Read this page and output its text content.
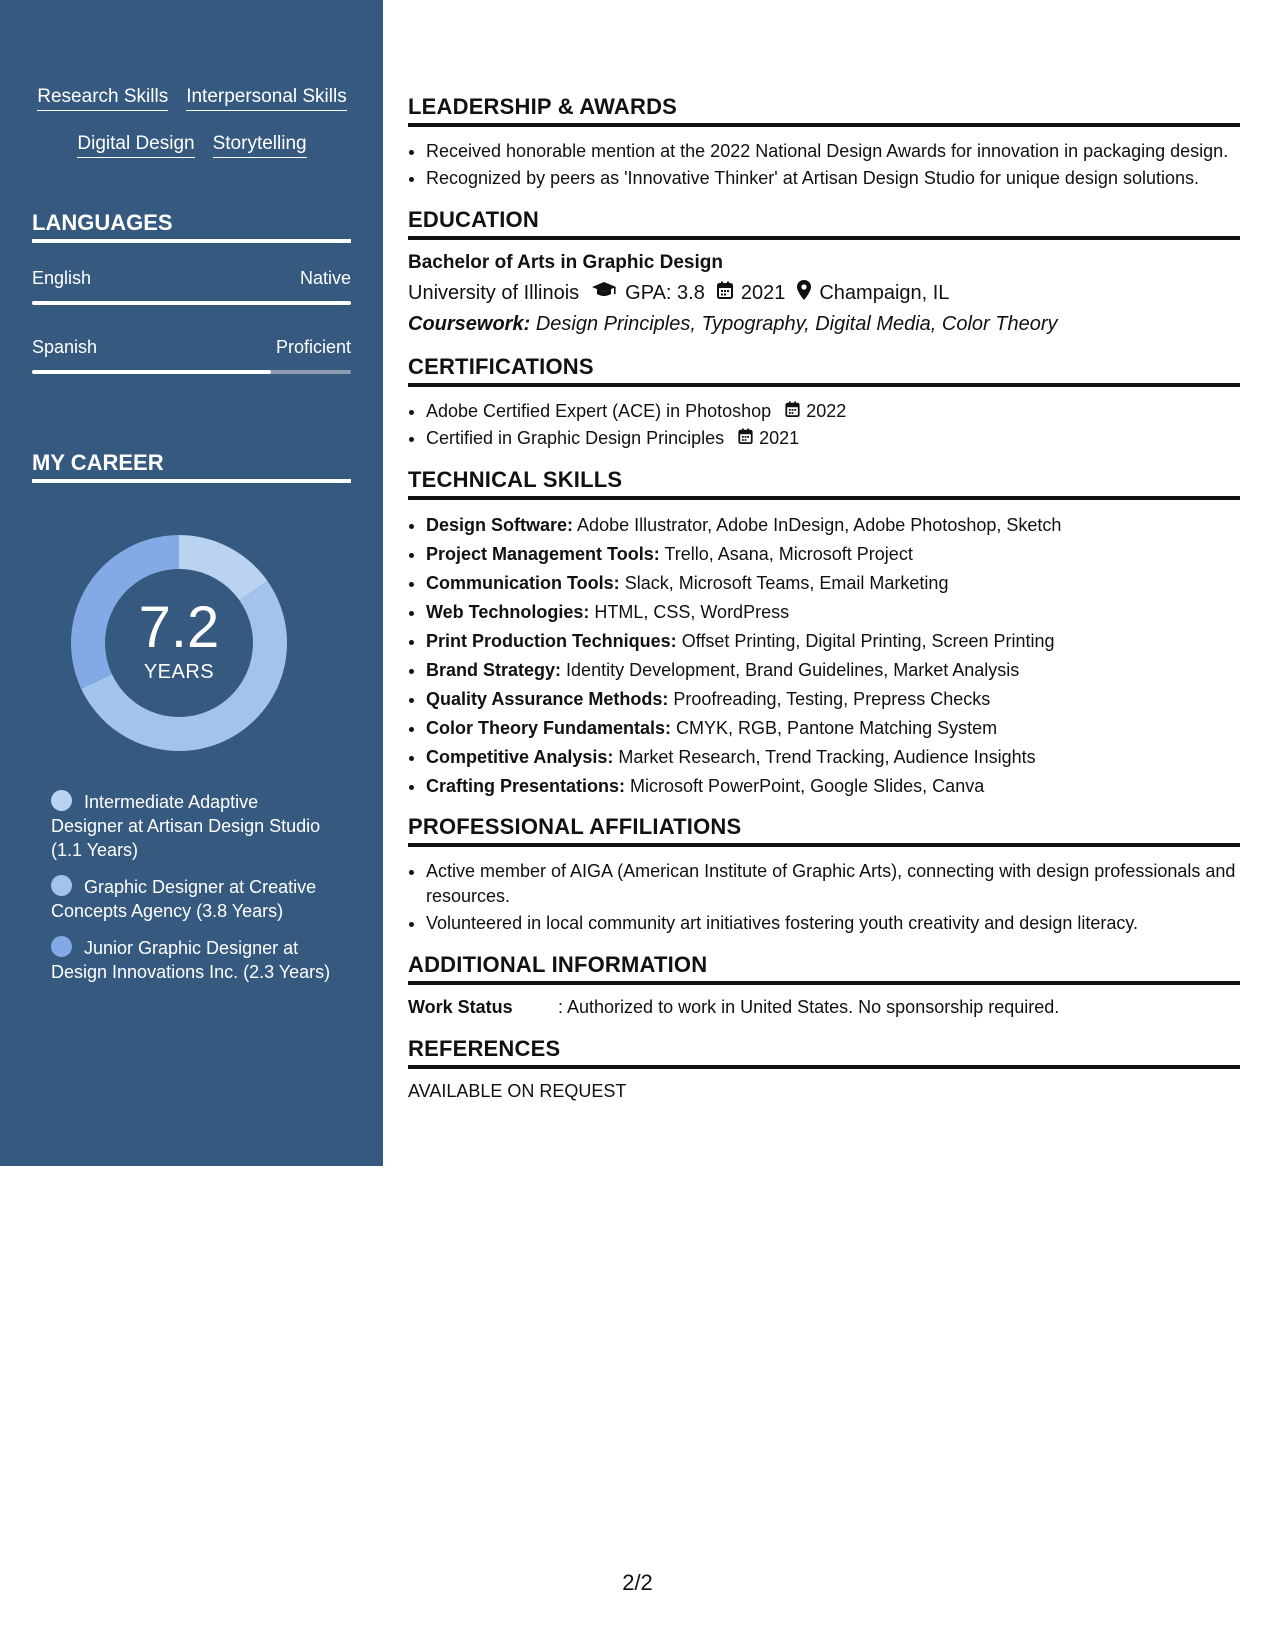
Research Skills Interpersonal Skills
Digital Design Storytelling
LANGUAGES
English	Native
Spanish	Proficient
MY CAREER
7.2
YEARS
Intermediate Adaptive Designer at Artisan Design Studio (1.1 Years)
Graphic Designer at Creative Concepts Agency (3.8 Years)
Junior Graphic Designer at Design Innovations Inc. (2.3 Years)
LEADERSHIP & AWARDS
• Received honorable mention at the 2022 National Design Awards for innovation in packaging design.
• Recognized by peers as 'Innovative Thinker' at Artisan Design Studio for unique design solutions.
EDUCATION
Bachelor of Arts in Graphic Design
University of Illinois GPA: 3.8 2021 Champaign, IL
Coursework: Design Principles, Typography, Digital Media, Color Theory
CERTIFICATIONS
• Adobe Certified Expert (ACE) in Photoshop 2022
• Certified in Graphic Design Principles 2021
TECHNICAL SKILLS
• Design Software: Adobe Illustrator, Adobe InDesign, Adobe Photoshop, Sketch
• Project Management Tools: Trello, Asana, Microsoft Project
• Communication Tools: Slack, Microsoft Teams, Email Marketing
• Web Technologies: HTML, CSS, WordPress
• Print Production Techniques: Offset Printing, Digital Printing, Screen Printing
• Brand Strategy: Identity Development, Brand Guidelines, Market Analysis
• Quality Assurance Methods: Proofreading, Testing, Prepress Checks
• Color Theory Fundamentals: CMYK, RGB, Pantone Matching System
• Competitive Analysis: Market Research, Trend Tracking, Audience Insights
• Crafting Presentations: Microsoft PowerPoint, Google Slides, Canva
PROFESSIONAL AFFILIATIONS
• Active member of AIGA (American Institute of Graphic Arts), connecting with design professionals and resources.
• Volunteered in local community art initiatives fostering youth creativity and design literacy.
ADDITIONAL INFORMATION
Work Status	: Authorized to work in United States. No sponsorship required.
REFERENCES
AVAILABLE ON REQUEST
2/2
